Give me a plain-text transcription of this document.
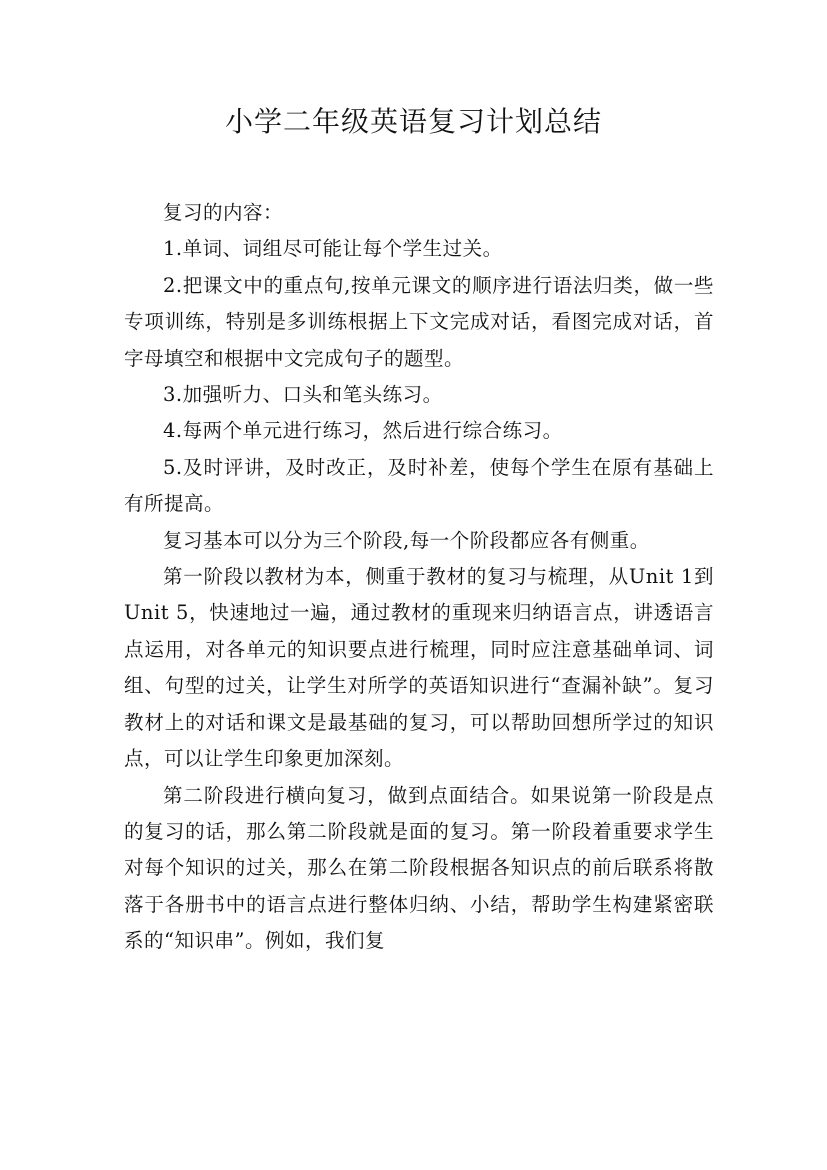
小学二年级英语复习计划总结

复习的内容：

1.单词、词组尽可能让每个学生过关。

2.把课文中的重点句,按单元课文的顺序进行语法归类，做一些专项训练，特别是多训练根据上下文完成对话，看图完成对话，首字母填空和根据中文完成句子的题型。

3.加强听力、口头和笔头练习。

4.每两个单元进行练习，然后进行综合练习。

5.及时评讲，及时改正，及时补差，使每个学生在原有基础上有所提高。

复习基本可以分为三个阶段,每一个阶段都应各有侧重。

第一阶段以教材为本，侧重于教材的复习与梳理，从Unit 1到Unit 5，快速地过一遍，通过教材的重现来归纳语言点，讲透语言点运用，对各单元的知识要点进行梳理，同时应注意基础单词、词组、句型的过关，让学生对所学的英语知识进行“查漏补缺”。复习教材上的对话和课文是最基础的复习，可以帮助回想所学过的知识点，可以让学生印象更加深刻。

第二阶段进行横向复习，做到点面结合。如果说第一阶段是点的复习的话，那么第二阶段就是面的复习。第一阶段着重要求学生对每个知识的过关，那么在第二阶段根据各知识点的前后联系将散落于各册书中的语言点进行整体归纳、小结，帮助学生构建紧密联系的“知识串”。例如，我们复
